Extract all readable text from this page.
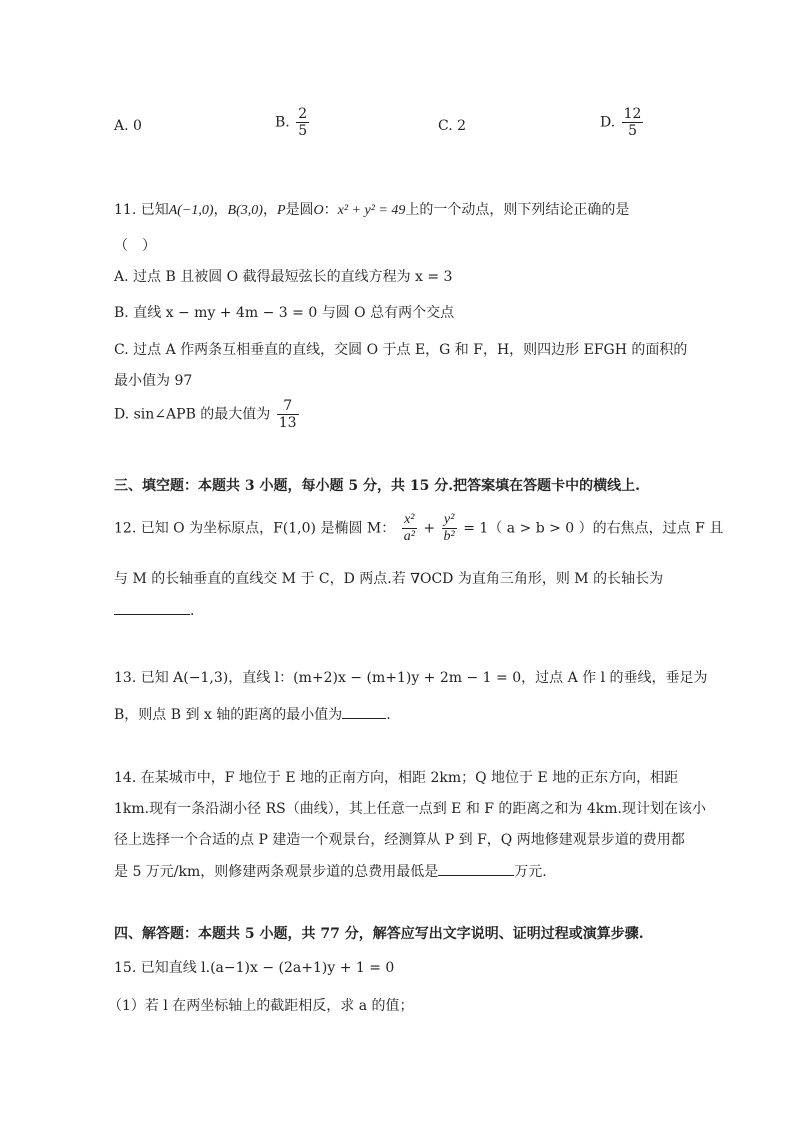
A. 0	B. $\frac{2}{5}$	C. 2	D. $\frac{12}{5}$
11. 已知A(−1,0)，B(3,0)，P是圆O：x² + y² = 49上的一个动点，则下列结论正确的是
（　）
A. 过点 B 且被圆 O 截得最短弦长的直线方程为 x = 3
B. 直线 x − my + 4m − 3 = 0 与圆 O 总有两个交点
C. 过点 A 作两条互相垂直的直线，交圆 O 于点 E，G 和 F，H，则四边形 EFGH 的面积的
最小值为 97
D. sin∠APB 的最大值为 $\frac{7}{13}$
三、填空题：本题共 3 小题，每小题 5 分，共 15 分.把答案填在答题卡中的横线上.
12. 已知 O 为坐标原点，F(1,0) 是椭圆 M： $\frac{\text{x²}}{\text{a²}} + \frac{\text{y²}}{\text{b²}} = 1$（ a > b > 0 ）的右焦点，过点 F 且
与 M 的长轴垂直的直线交 M 于 C，D 两点.若 ∇OCD 为直角三角形，则 M 的长轴长为
.
13. 已知 A(−1,3)，直线 l：(m+2)x − (m+1)y + 2m − 1 = 0，过点 A 作 l 的垂线，垂足为
B，则点 B 到 x 轴的距离的最小值为	.
14. 在某城市中，F 地位于 E 地的正南方向，相距 2km；Q 地位于 E 地的正东方向，相距
1km.现有一条沿湖小径 RS（曲线），其上任意一点到 E 和 F 的距离之和为 4km.现计划在该小
径上选择一个合适的点 P 建造一个观景台，经测算从 P 到 F，Q 两地修建观景步道的费用都
是 5 万元/km，则修建两条观景步道的总费用最低是	万元.
四、解答题：本题共 5 小题，共 77 分，解答应写出文字说明、证明过程或演算步骤.
15. 已知直线 l.(a−1)x − (2a+1)y + 1 = 0
（1）若 l 在两坐标轴上的截距相反，求 a 的值；
